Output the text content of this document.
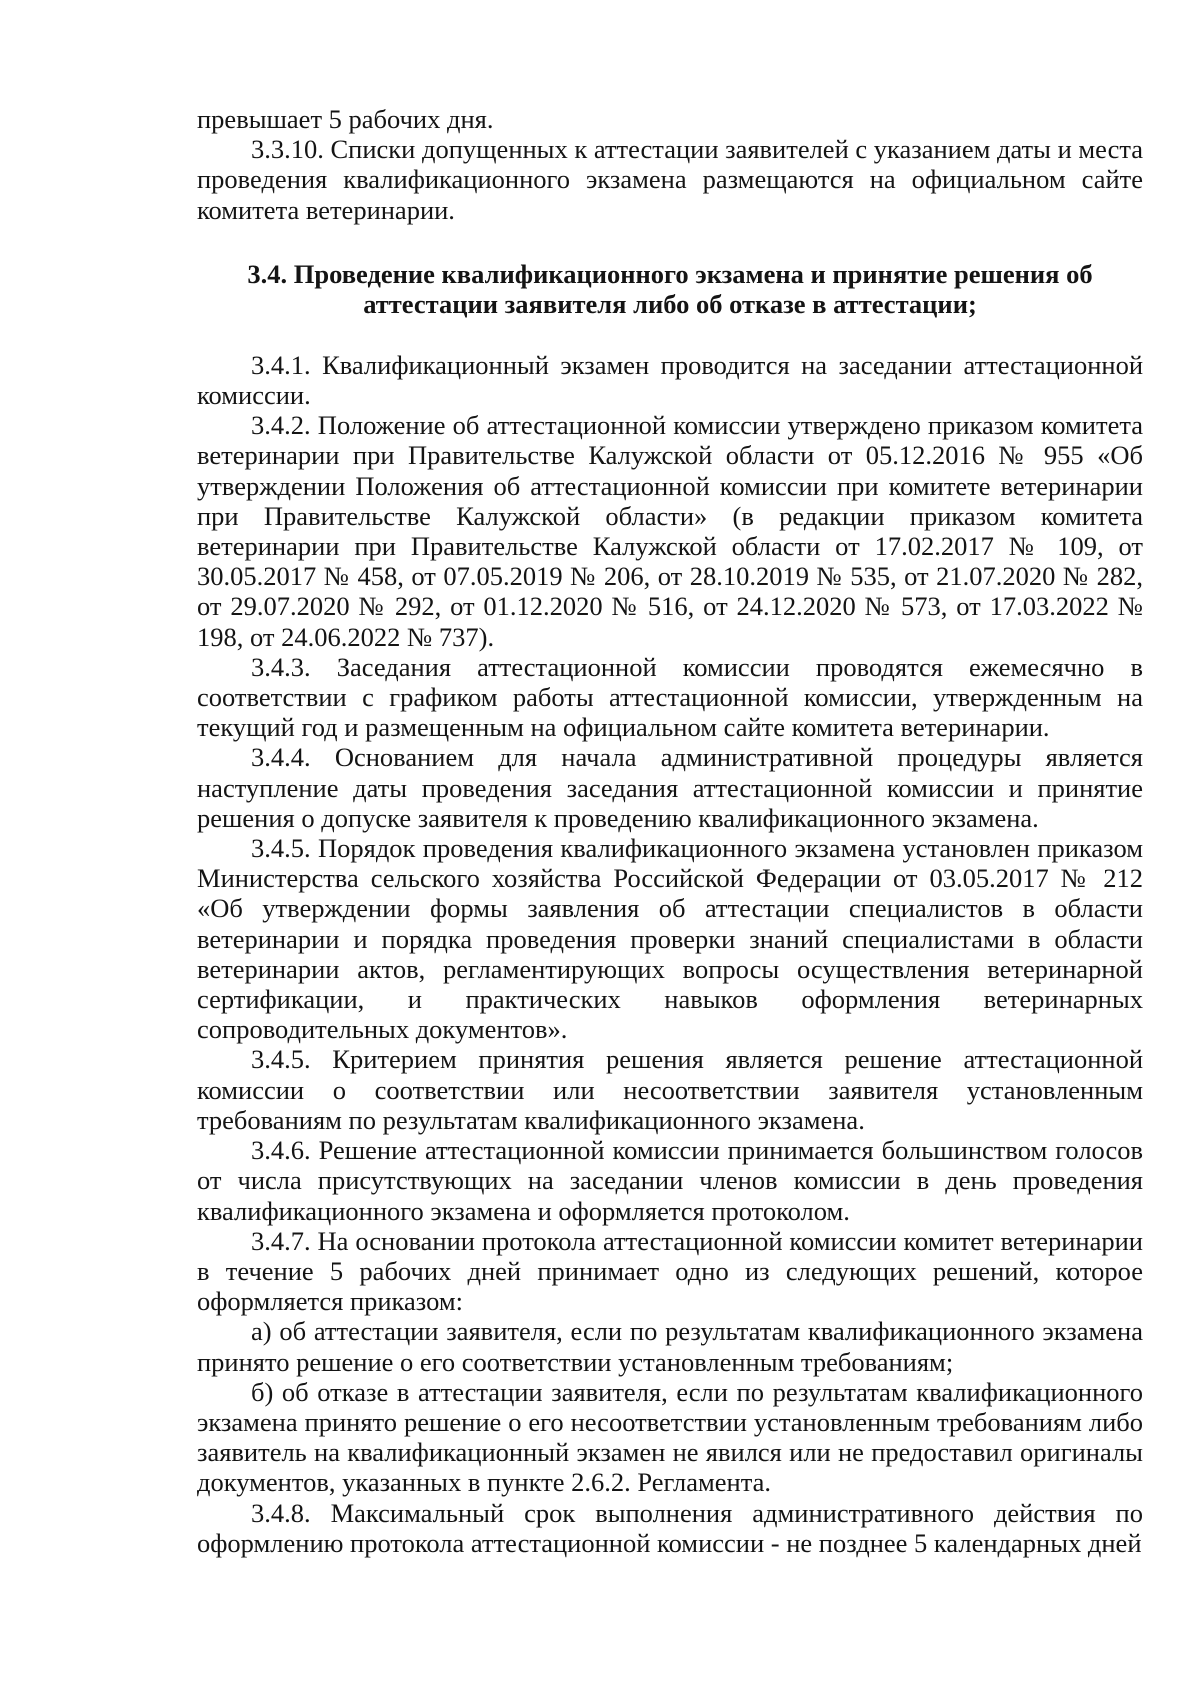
превышает 5 рабочих дня.

3.3.10. Списки допущенных к аттестации заявителей с указанием даты и места проведения квалификационного экзамена размещаются на официальном сайте комитета ветеринарии.

3.4. Проведение квалификационного экзамена и принятие решения об
аттестации заявителя либо об отказе в аттестации;

3.4.1. Квалификационный экзамен проводится на заседании аттестационной комиссии.

3.4.2. Положение об аттестационной комиссии утверждено приказом комитета ветеринарии при Правительстве Калужской области от 05.12.2016 № 955 «Об утверждении Положения об аттестационной комиссии при комитете ветеринарии при Правительстве Калужской области» (в редакции приказом комитета ветеринарии при Правительстве Калужской области от 17.02.2017 № 109, от 30.05.2017 № 458, от 07.05.2019 № 206, от 28.10.2019 № 535, от 21.07.2020 № 282, от 29.07.2020 № 292, от 01.12.2020 № 516, от 24.12.2020 № 573, от 17.03.2022 № 198, от 24.06.2022 № 737).

3.4.3. Заседания аттестационной комиссии проводятся ежемесячно в соответствии с графиком работы аттестационной комиссии, утвержденным на текущий год и размещенным на официальном сайте комитета ветеринарии.

3.4.4. Основанием для начала административной процедуры является наступление даты проведения заседания аттестационной комиссии и принятие решения о допуске заявителя к проведению квалификационного экзамена.

3.4.5. Порядок проведения квалификационного экзамена установлен приказом Министерства сельского хозяйства Российской Федерации от 03.05.2017 № 212 «Об утверждении формы заявления об аттестации специалистов в области ветеринарии и порядка проведения проверки знаний специалистами в области ветеринарии актов, регламентирующих вопросы осуществления ветеринарной сертификации, и практических навыков оформления ветеринарных сопроводительных документов».

3.4.5. Критерием принятия решения является решение аттестационной комиссии о соответствии или несоответствии заявителя установленным требованиям по результатам квалификационного экзамена.

3.4.6. Решение аттестационной комиссии принимается большинством голосов от числа присутствующих на заседании членов комиссии в день проведения квалификационного экзамена и оформляется протоколом.

3.4.7. На основании протокола аттестационной комиссии комитет ветеринарии в течение 5 рабочих дней принимает одно из следующих решений, которое оформляется приказом:

а) об аттестации заявителя, если по результатам квалификационного экзамена принято решение о его соответствии установленным требованиям;

б) об отказе в аттестации заявителя, если по результатам квалификационного экзамена принято решение о его несоответствии установленным требованиям либо заявитель на квалификационный экзамен не явился или не предоставил оригиналы документов, указанных в пункте 2.6.2. Регламента.

3.4.8. Максимальный срок выполнения административного действия по оформлению протокола аттестационной комиссии - не позднее 5 календарных дней
